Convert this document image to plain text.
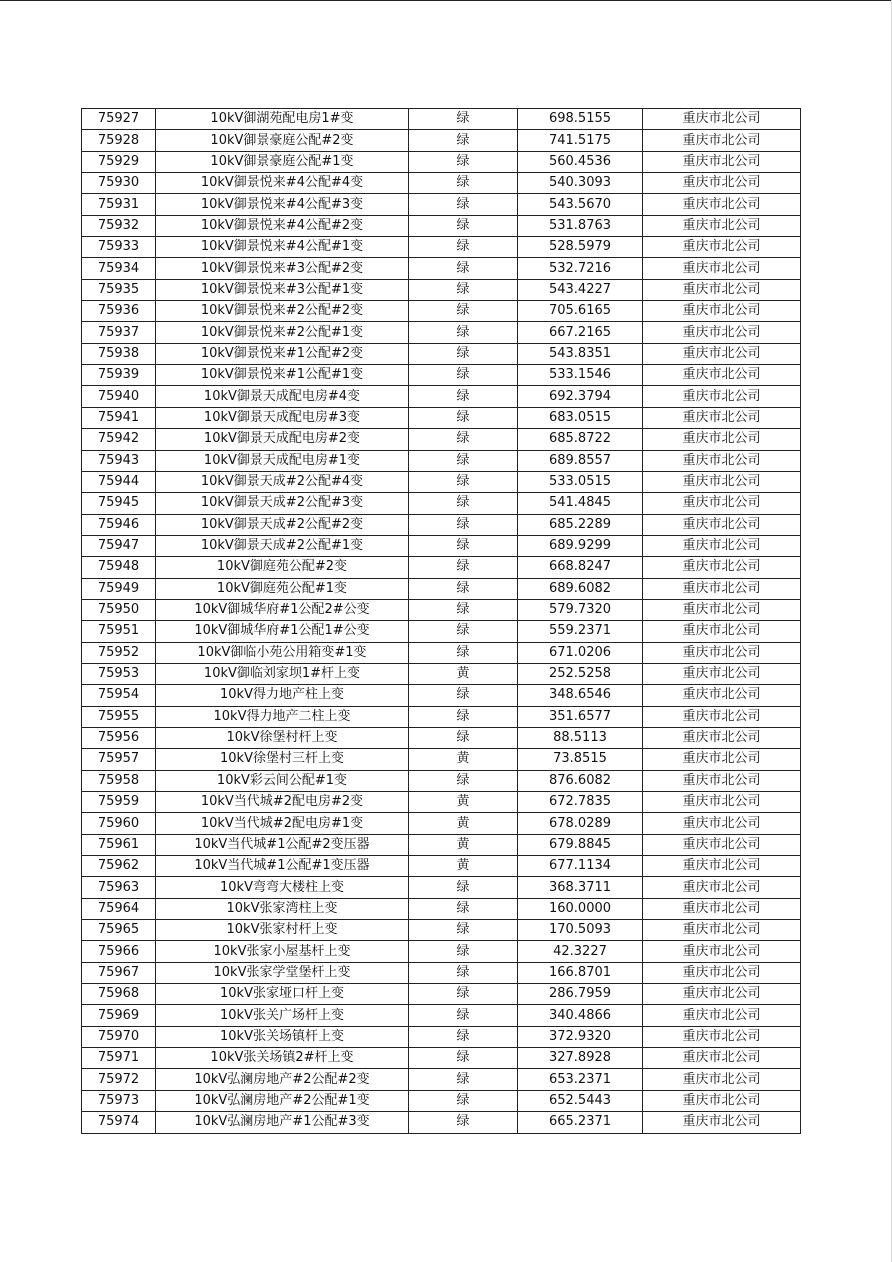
75927	10kV御湖苑配电房1#变	绿	698.5155	重庆市北公司
75928	10kV御景豪庭公配#2变	绿	741.5175	重庆市北公司
75929	10kV御景豪庭公配#1变	绿	560.4536	重庆市北公司
75930	10kV御景悦来#4公配#4变	绿	540.3093	重庆市北公司
75931	10kV御景悦来#4公配#3变	绿	543.5670	重庆市北公司
75932	10kV御景悦来#4公配#2变	绿	531.8763	重庆市北公司
75933	10kV御景悦来#4公配#1变	绿	528.5979	重庆市北公司
75934	10kV御景悦来#3公配#2变	绿	532.7216	重庆市北公司
75935	10kV御景悦来#3公配#1变	绿	543.4227	重庆市北公司
75936	10kV御景悦来#2公配#2变	绿	705.6165	重庆市北公司
75937	10kV御景悦来#2公配#1变	绿	667.2165	重庆市北公司
75938	10kV御景悦来#1公配#2变	绿	543.8351	重庆市北公司
75939	10kV御景悦来#1公配#1变	绿	533.1546	重庆市北公司
75940	10kV御景天成配电房#4变	绿	692.3794	重庆市北公司
75941	10kV御景天成配电房#3变	绿	683.0515	重庆市北公司
75942	10kV御景天成配电房#2变	绿	685.8722	重庆市北公司
75943	10kV御景天成配电房#1变	绿	689.8557	重庆市北公司
75944	10kV御景天成#2公配#4变	绿	533.0515	重庆市北公司
75945	10kV御景天成#2公配#3变	绿	541.4845	重庆市北公司
75946	10kV御景天成#2公配#2变	绿	685.2289	重庆市北公司
75947	10kV御景天成#2公配#1变	绿	689.9299	重庆市北公司
75948	10kV御庭苑公配#2变	绿	668.8247	重庆市北公司
75949	10kV御庭苑公配#1变	绿	689.6082	重庆市北公司
75950	10kV御城华府#1公配2#公变	绿	579.7320	重庆市北公司
75951	10kV御城华府#1公配1#公变	绿	559.2371	重庆市北公司
75952	10kV御临小苑公用箱变#1变	绿	671.0206	重庆市北公司
75953	10kV御临刘家坝1#杆上变	黄	252.5258	重庆市北公司
75954	10kV得力地产柱上变	绿	348.6546	重庆市北公司
75955	10kV得力地产二柱上变	绿	351.6577	重庆市北公司
75956	10kV徐堡村杆上变	绿	88.5113	重庆市北公司
75957	10kV徐堡村三杆上变	黄	73.8515	重庆市北公司
75958	10kV彩云间公配#1变	绿	876.6082	重庆市北公司
75959	10kV当代城#2配电房#2变	黄	672.7835	重庆市北公司
75960	10kV当代城#2配电房#1变	黄	678.0289	重庆市北公司
75961	10kV当代城#1公配#2变压器	黄	679.8845	重庆市北公司
75962	10kV当代城#1公配#1变压器	黄	677.1134	重庆市北公司
75963	10kV弯弯大楼柱上变	绿	368.3711	重庆市北公司
75964	10kV张家湾柱上变	绿	160.0000	重庆市北公司
75965	10kV张家村杆上变	绿	170.5093	重庆市北公司
75966	10kV张家小屋基杆上变	绿	42.3227	重庆市北公司
75967	10kV张家学堂堡杆上变	绿	166.8701	重庆市北公司
75968	10kV张家垭口杆上变	绿	286.7959	重庆市北公司
75969	10kV张关广场杆上变	绿	340.4866	重庆市北公司
75970	10kV张关场镇杆上变	绿	372.9320	重庆市北公司
75971	10kV张关场镇2#杆上变	绿	327.8928	重庆市北公司
75972	10kV弘澜房地产#2公配#2变	绿	653.2371	重庆市北公司
75973	10kV弘澜房地产#2公配#1变	绿	652.5443	重庆市北公司
75974	10kV弘澜房地产#1公配#3变	绿	665.2371	重庆市北公司
